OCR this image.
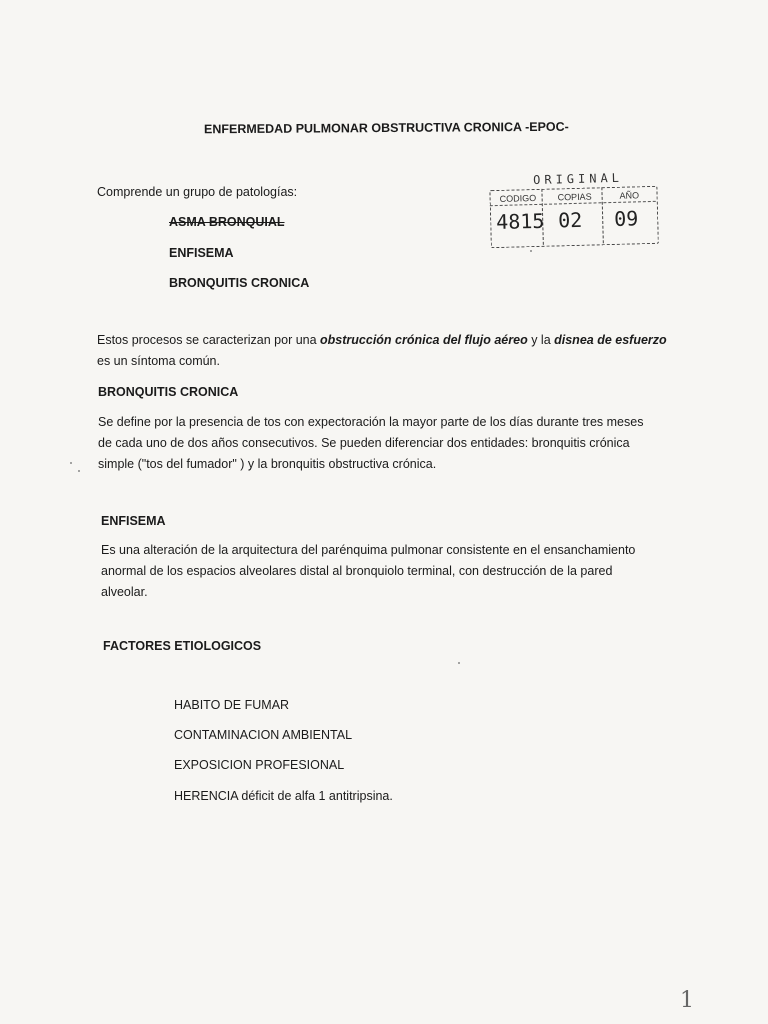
ENFERMEDAD PULMONAR OBSTRUCTIVA CRONICA -EPOC-
Comprende un grupo de patologías:
ASMA BRONQUIAL
ENFISEMA
BRONQUITIS CRONICA
ORIGINAL
CODIGO COPIAS	AÑO
4815 02 09
Estos procesos se caracterizan por una obstrucción crónica del flujo aéreo y la disnea de esfuerzo
es un síntoma común.
BRONQUITIS CRONICA
Se define por la presencia de tos con expectoración la mayor parte de los días durante tres meses
de cada uno de dos años consecutivos. Se pueden diferenciar dos entidades: bronquitis crónica
simple ("tos del fumador" ) y la bronquitis obstructiva crónica.
ENFISEMA
Es una alteración de la arquitectura del parénquima pulmonar consistente en el ensanchamiento
anormal de los espacios alveolares distal al bronquiolo terminal, con destrucción de la pared
alveolar.
FACTORES ETIOLOGICOS
HABITO DE FUMAR
CONTAMINACION AMBIENTAL
EXPOSICION PROFESIONAL
HERENCIA déficit de alfa 1 antitripsina.
1
